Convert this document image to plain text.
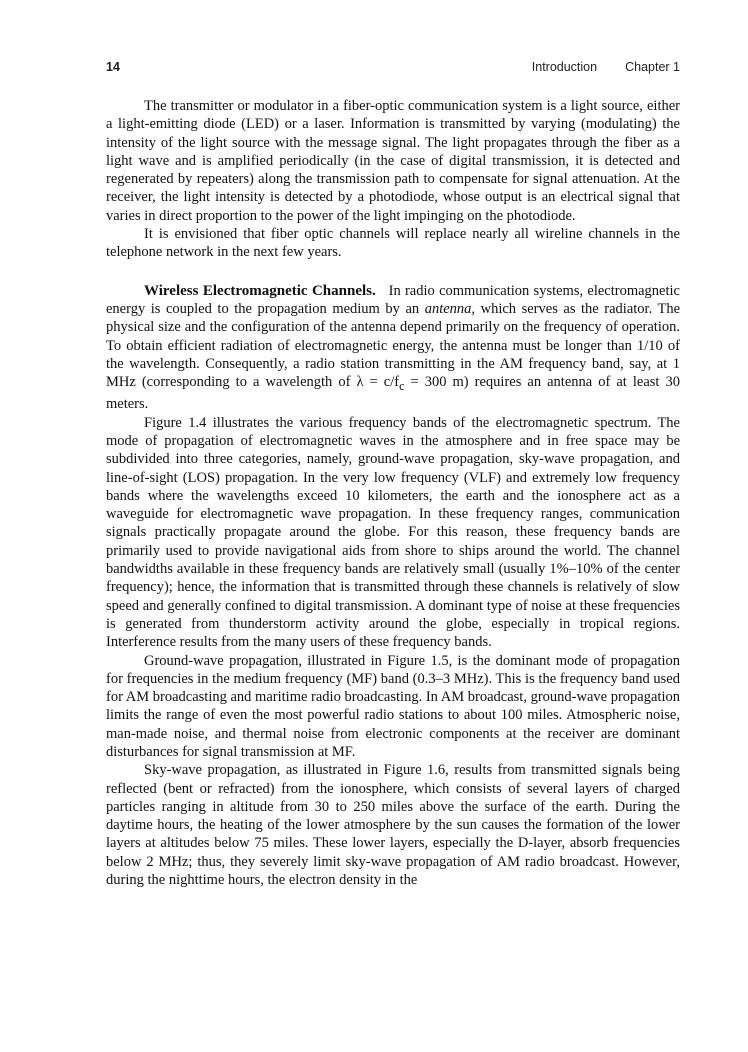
14	Introduction Chapter 1

The transmitter or modulator in a fiber-optic communication system is a light source, either a light-emitting diode (LED) or a laser. Information is transmitted by varying (modulating) the intensity of the light source with the message signal. The light propagates through the fiber as a light wave and is amplified periodically (in the case of digital transmission, it is detected and regenerated by repeaters) along the transmission path to compensate for signal attenuation. At the receiver, the light intensity is detected by a photodiode, whose output is an electrical signal that varies in direct proportion to the power of the light impinging on the photodiode.

It is envisioned that fiber optic channels will replace nearly all wireline channels in the telephone network in the next few years.

Wireless Electromagnetic Channels. In radio communication systems, electromagnetic energy is coupled to the propagation medium by an antenna, which serves as the radiator. The physical size and the configuration of the antenna depend primarily on the frequency of operation. To obtain efficient radiation of electromagnetic energy, the antenna must be longer than 1/10 of the wavelength. Consequently, a radio station transmitting in the AM frequency band, say, at 1 MHz (corresponding to a wavelength of $\lambda = c/f_c = 300$ m) requires an antenna of at least 30 meters.

Figure 1.4 illustrates the various frequency bands of the electromagnetic spectrum. The mode of propagation of electromagnetic waves in the atmosphere and in free space may be subdivided into three categories, namely, ground-wave propagation, sky-wave propagation, and line-of-sight (LOS) propagation. In the very low frequency (VLF) and extremely low frequency bands where the wavelengths exceed 10 kilometers, the earth and the ionosphere act as a waveguide for electromagnetic wave propagation. In these frequency ranges, communication signals practically propagate around the globe. For this reason, these frequency bands are primarily used to provide navigational aids from shore to ships around the world. The channel bandwidths available in these frequency bands are relatively small (usually 1%–10% of the center frequency); hence, the information that is transmitted through these channels is relatively of slow speed and generally confined to digital transmission. A dominant type of noise at these frequencies is generated from thunderstorm activity around the globe, especially in tropical regions. Interference results from the many users of these frequency bands.

Ground-wave propagation, illustrated in Figure 1.5, is the dominant mode of propagation for frequencies in the medium frequency (MF) band (0.3–3 MHz). This is the frequency band used for AM broadcasting and maritime radio broadcasting. In AM broadcast, ground-wave propagation limits the range of even the most powerful radio stations to about 100 miles. Atmospheric noise, man-made noise, and thermal noise from electronic components at the receiver are dominant disturbances for signal transmission at MF.

Sky-wave propagation, as illustrated in Figure 1.6, results from transmitted signals being reflected (bent or refracted) from the ionosphere, which consists of several layers of charged particles ranging in altitude from 30 to 250 miles above the surface of the earth. During the daytime hours, the heating of the lower atmosphere by the sun causes the formation of the lower layers at altitudes below 75 miles. These lower layers, especially the D-layer, absorb frequencies below 2 MHz; thus, they severely limit sky-wave propagation of AM radio broadcast. However, during the nighttime hours, the electron density in the
